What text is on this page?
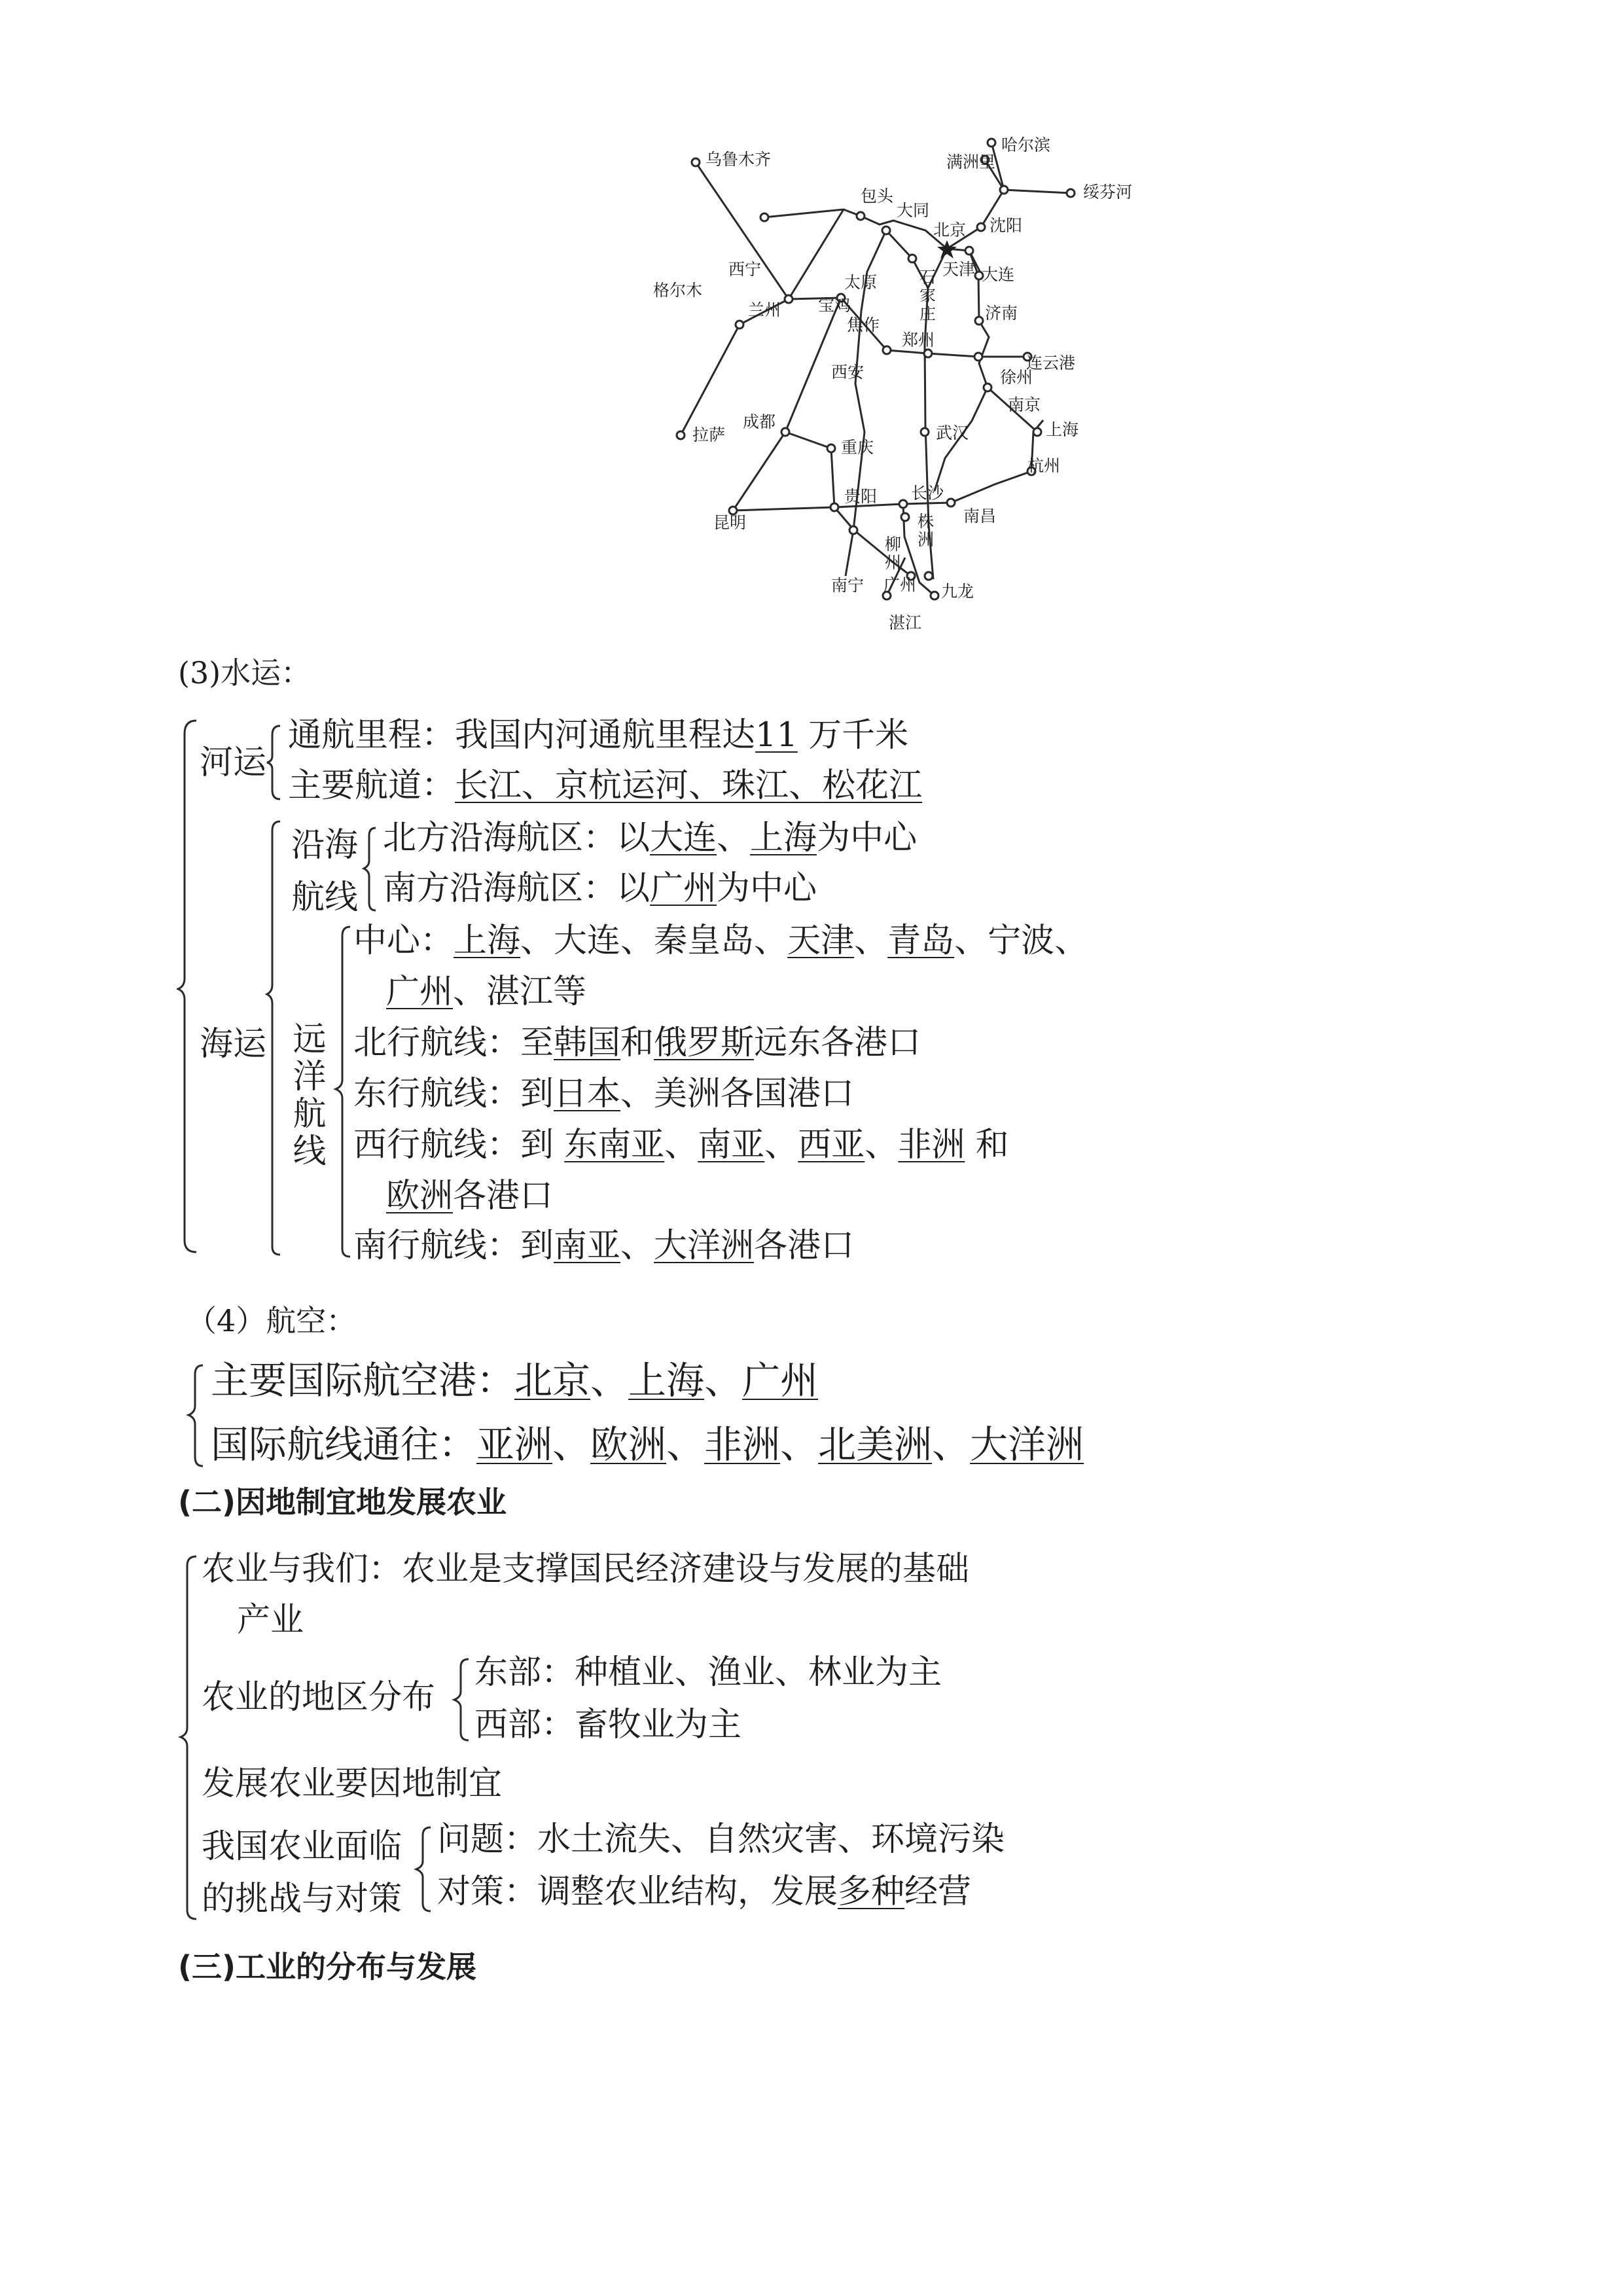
乌鲁木齐
哈尔滨
满洲里
绥芬河
包头
大同
北京 沈阳
太原	石
家
庄
天津 大连
西宁
格尔木
兰州 宝鸡
焦作
济南
郑州
连云港
西安	徐州
南京
拉萨
成都
重庆
武汉	上海
杭州
贵阳 长沙
南昌
昆明
柳
州
株
洲
南宁 广州 九龙
湛江
(3)水运：
河运
海运
通航里程：我国内河通航里程达11 万千米
主要航道：长江、京杭运河、珠江、松花江
沿海
航线
北方沿海航区：以大连、上海为中心
南方沿海航区：以广州为中心
远洋航线
中心：上海、大连、秦皇岛、天津、青岛、宁波、
广州、湛江等
北行航线：至韩国和俄罗斯远东各港口
东行航线：到日本、美洲各国港口
西行航线：到 东南亚、南亚、西亚、非洲 和
欧洲各港口
南行航线：到南亚、大洋洲各港口
（4）航空：
主要国际航空港：北京、上海、广州
国际航线通往：亚洲、欧洲、非洲、北美洲、大洋洲
(二)因地制宜地发展农业
农业与我们：农业是支撑国民经济建设与发展的基础
产业
农业的地区分布
东部：种植业、渔业、林业为主
西部：畜牧业为主
发展农业要因地制宜
我国农业面临
的挑战与对策
问题：水土流失、自然灾害、环境污染
对策：调整农业结构，发展多种经营
(三)工业的分布与发展
